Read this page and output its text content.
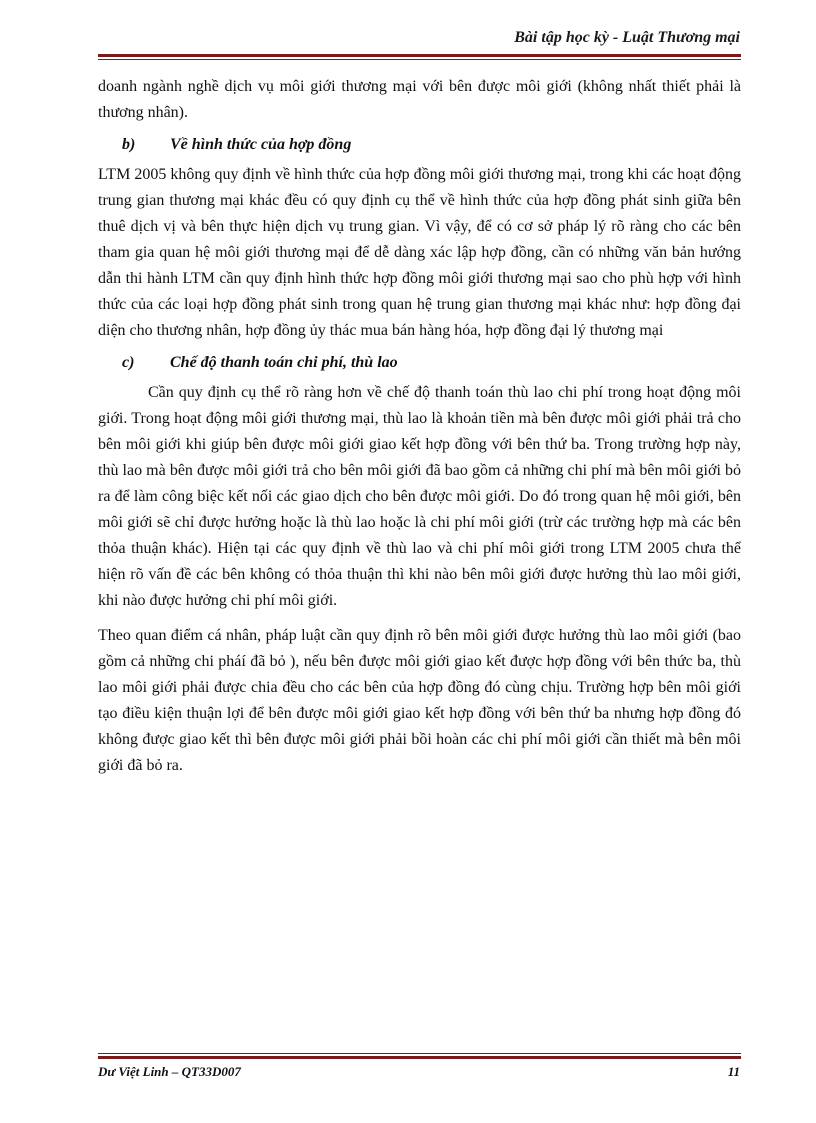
Bài tập học kỳ - Luật Thương mại

doanh ngành nghề dịch vụ môi giới thương mại với bên được môi giới (không nhất thiết phải là thương nhân).

b)	Về hình thức của hợp đồng

LTM 2005 không quy định về hình thức của hợp đồng môi giới thương mại, trong khi các hoạt động trung gian thương mại khác đều có quy định cụ thể về hình thức của hợp đồng phát sinh giữa bên thuê dịch vị và bên thực hiện dịch vụ trung gian. Vì vậy, để có cơ sở pháp lý rõ ràng cho các bên tham gia quan hệ môi giới thương mại để dễ dàng xác lập hợp đồng, cần có những văn bản hướng dẫn thi hành LTM cần quy định hình thức hợp đồng môi giới thương mại sao cho phù hợp với hình thức của các loại hợp đồng phát sinh trong quan hệ trung gian thương mại khác như: hợp đồng đại diện cho thương nhân, hợp đồng ủy thác mua bán hàng hóa, hợp đồng đại lý thương mại

c)	Chế độ thanh toán chi phí, thù lao

Cần quy định cụ thể rõ ràng hơn về chế độ thanh toán thù lao chi phí trong hoạt động môi giới. Trong hoạt động môi giới thương mại, thù lao là khoản tiền mà bên được môi giới phải trả cho bên môi giới khi giúp bên được môi giới giao kết hợp đồng với bên thứ ba. Trong trường hợp này, thù lao mà bên được môi giới trả cho bên môi giới đã bao gồm cả những chi phí mà bên môi giới bỏ ra để làm công biệc kết nối các giao dịch cho bên được môi giới. Do đó trong quan hệ môi giới, bên môi giới sẽ chỉ được hưởng hoặc là thù lao hoặc là chi phí môi giới (trừ các trường hợp mà các bên thỏa thuận khác). Hiện tại các quy định về thù lao và chi phí môi giới trong LTM 2005 chưa thể hiện rõ vấn đề các bên không có thỏa thuận thì khi nào bên môi giới được hưởng thù lao môi giới, khi nào được hưởng chi phí môi giới.

Theo quan điểm cá nhân, pháp luật cần quy định rõ bên môi giới được hưởng thù lao môi giới (bao gồm cả những chi pháí đã bỏ ), nếu bên được môi giới giao kết được hợp đồng với bên thức ba, thù lao môi giới phải được chia đều cho các bên của hợp đồng đó cùng chịu. Trường hợp bên môi giới tạo điều kiện thuận lợi để bên được môi giới giao kết hợp đồng với bên thứ ba nhưng hợp đồng đó không được giao kết thì bên được môi giới phải bồi hoàn các chi phí môi giới cần thiết mà bên môi giới đã bỏ ra.

Dư Việt Linh – QT33D007	11
